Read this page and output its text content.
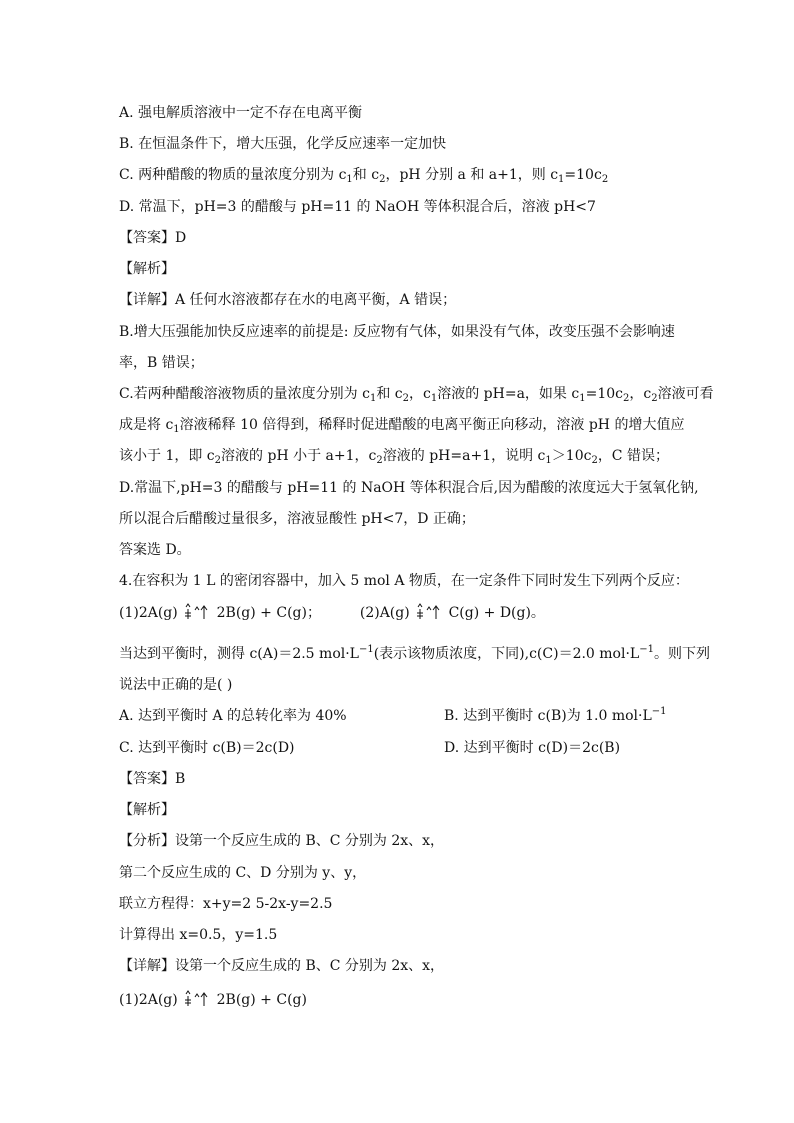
A. 强电解质溶液中一定不存在电离平衡
B. 在恒温条件下，增大压强，化学反应速率一定加快
C. 两种醋酸的物质的量浓度分别为 $c_1$和 $c_2$，pH 分别 a 和 a+1，则 $c_1=10c_2$
D. 常温下，pH=3 的醋酸与 pH=11 的 NaOH 等体积混合后，溶液 pH<7
【答案】D
【解析】
【详解】A 任何水溶液都存在水的电离平衡，A 错误；
B.增大压强能加快反应速率的前提是: 反应物有气体，如果没有气体，改变压强不会影响速
率，B 错误；
C.若两种醋酸溶液物质的量浓度分别为 $c_1$和 $c_2$，$c_1$溶液的 pH=a，如果 $c_1=10c_2$，$c_2$溶液可看
成是将 $c_1$溶液稀释 10 倍得到，稀释时促进醋酸的电离平衡正向移动，溶液 pH 的增大值应
该小于 1，即 $c_2$溶液的 pH 小于 a+1，$c_2$溶液的 pH=a+1，说明 $c_1>10c_2$，C 错误；
D.常温下,pH=3 的醋酸与 pH=11 的 NaOH 等体积混合后,因为醋酸的浓度远大于氢氧化钠,
所以混合后醋酸过量很多，溶液显酸性 pH<7，D 正确；
答案选 D。
4.在容积为 1 L 的密闭容器中，加入 5 mol A 物质，在一定条件下同时发生下列两个反应：
(1)2A(g)	2B(g) + C(g)；	(2)A(g)	C(g) + D(g)。
当达到平衡时，测得 c(A)＝2.5 $mol\cdot L^{-1}$(表示该物质浓度，下同),c(C)＝2.0 $mol\cdot L^{-1}$。则下列
说法中正确的是( )
A. 达到平衡时 A 的总转化率为 40%	B. 达到平衡时 c(B)为 1.0 $mol\cdot L^{-1}$
C. 达到平衡时 c(B)＝2c(D)	D. 达到平衡时 c(D)＝2c(B)
【答案】B
【解析】
【分析】设第一个反应生成的 B、C 分别为 2x、x，
第二个反应生成的 C、D 分别为 y、y，
联立方程得：x+y=2 5-2x-y=2.5
计算得出 x=0.5，y=1.5
【详解】设第一个反应生成的 B、C 分别为 2x、x，
(1)2A(g)	2B(g) + C(g)
